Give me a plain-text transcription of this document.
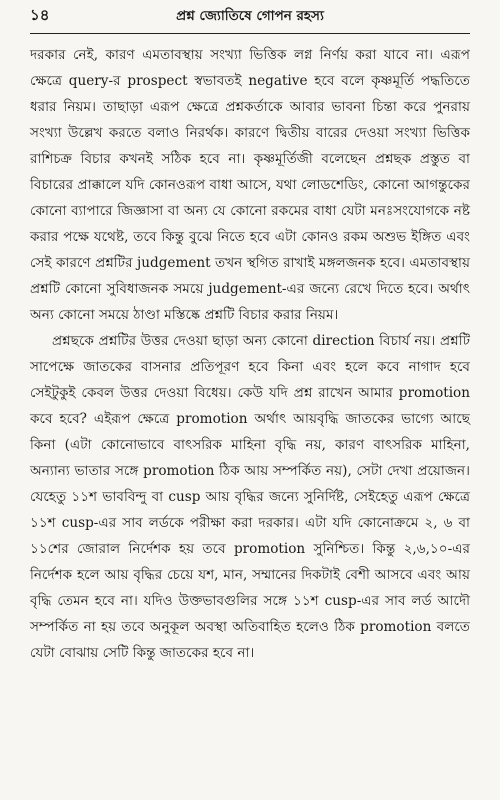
১৪	প্রশ্ন জ্যোতিষে গোপন রহস্য

দরকার নেই, কারণ এমতাবস্থায় সংখ্যা ভিত্তিক লগ্ন নির্ণয় করা যাবে না। এরূপ ক্ষেত্রে query-র prospect স্বভাবতই negative হবে বলে কৃষ্ণমূর্তি পদ্ধতিতে ধরার নিয়ম। তাছাড়া এরূপ ক্ষেত্রে প্রশ্নকর্তাকে আবার ভাবনা চিন্তা করে পুনরায় সংখ্যা উল্লেখ করতে বলাও নিরর্থক। কারণে দ্বিতীয় বারের দেওয়া সংখ্যা ভিত্তিক রাশিচক্র বিচার কখনই সঠিক হবে না। কৃষ্ণমূর্তিজী বলেছেন প্রশ্নছক প্রস্তুত বা বিচারের প্রাক্কালে যদি কোনওরূপ বাধা আসে, যথা লোডশেডিং, কোনো আগন্তুকের কোনো ব্যাপারে জিজ্ঞাসা বা অন্য যে কোনো রকমের বাধা যেটা মনঃসংযোগকে নষ্ট করার পক্ষে যথেষ্ট, তবে কিন্তু বুঝে নিতে হবে এটা কোনও রকম অশুভ ইঙ্গিত এবং সেই কারণে প্রশ্নটির judgement তখন স্থগিত রাখাই মঙ্গলজনক হবে। এমতাবস্থায় প্রশ্নটি কোনো সুবিধাজনক সময়ে judgement-এর জন্যে রেখে দিতে হবে। অর্থাৎ অন্য কোনো সময়ে ঠাণ্ডা মস্তিষ্কে প্রশ্নটি বিচার করার নিয়ম।

প্রশ্নছকে প্রশ্নটির উত্তর দেওয়া ছাড়া অন্য কোনো direction বিচার্য নয়। প্রশ্নটি সাপেক্ষে জাতকের বাসনার প্রতিপূরণ হবে কিনা এবং হলে কবে নাগাদ হবে সেইটুকুই কেবল উত্তর দেওয়া বিধেয়। কেউ যদি প্রশ্ন রাখেন আমার promotion কবে হবে? এইরূপ ক্ষেত্রে promotion অর্থাৎ আয়বৃদ্ধি জাতকের ভাগ্যে আছে কিনা (এটা কোনোভাবে বাৎসরিক মাহিনা বৃদ্ধি নয়, কারণ বাৎসরিক মাহিনা, অন্যান্য ভাতার সঙ্গে promotion ঠিক আয় সম্পর্কিত নয়), সেটা দেখা প্রয়োজন। যেহেতু ১১শ ভাববিন্দু বা cusp আয় বৃদ্ধির জন্যে সুনির্দিষ্ট, সেইহেতু এরূপ ক্ষেত্রে ১১শ cusp-এর সাব লর্ডকে পরীক্ষা করা দরকার। এটা যদি কোনোক্রমে ২, ৬ বা ১১শের জোরাল নির্দেশক হয় তবে promotion সুনিশ্চিত। কিন্তু ২,৬,১০-এর নির্দেশক হলে আয় বৃদ্ধির চেয়ে যশ, মান, সম্মানের দিকটাই বেশী আসবে এবং আয় বৃদ্ধি তেমন হবে না। যদিও উক্তভাবগুলির সঙ্গে ১১শ cusp-এর সাব লর্ড আদৌ সম্পর্কিত না হয় তবে অনুকূল অবস্থা অতিবাহিত হলেও ঠিক promotion বলতে যেটা বোঝায় সেটি কিন্তু জাতকের হবে না।
